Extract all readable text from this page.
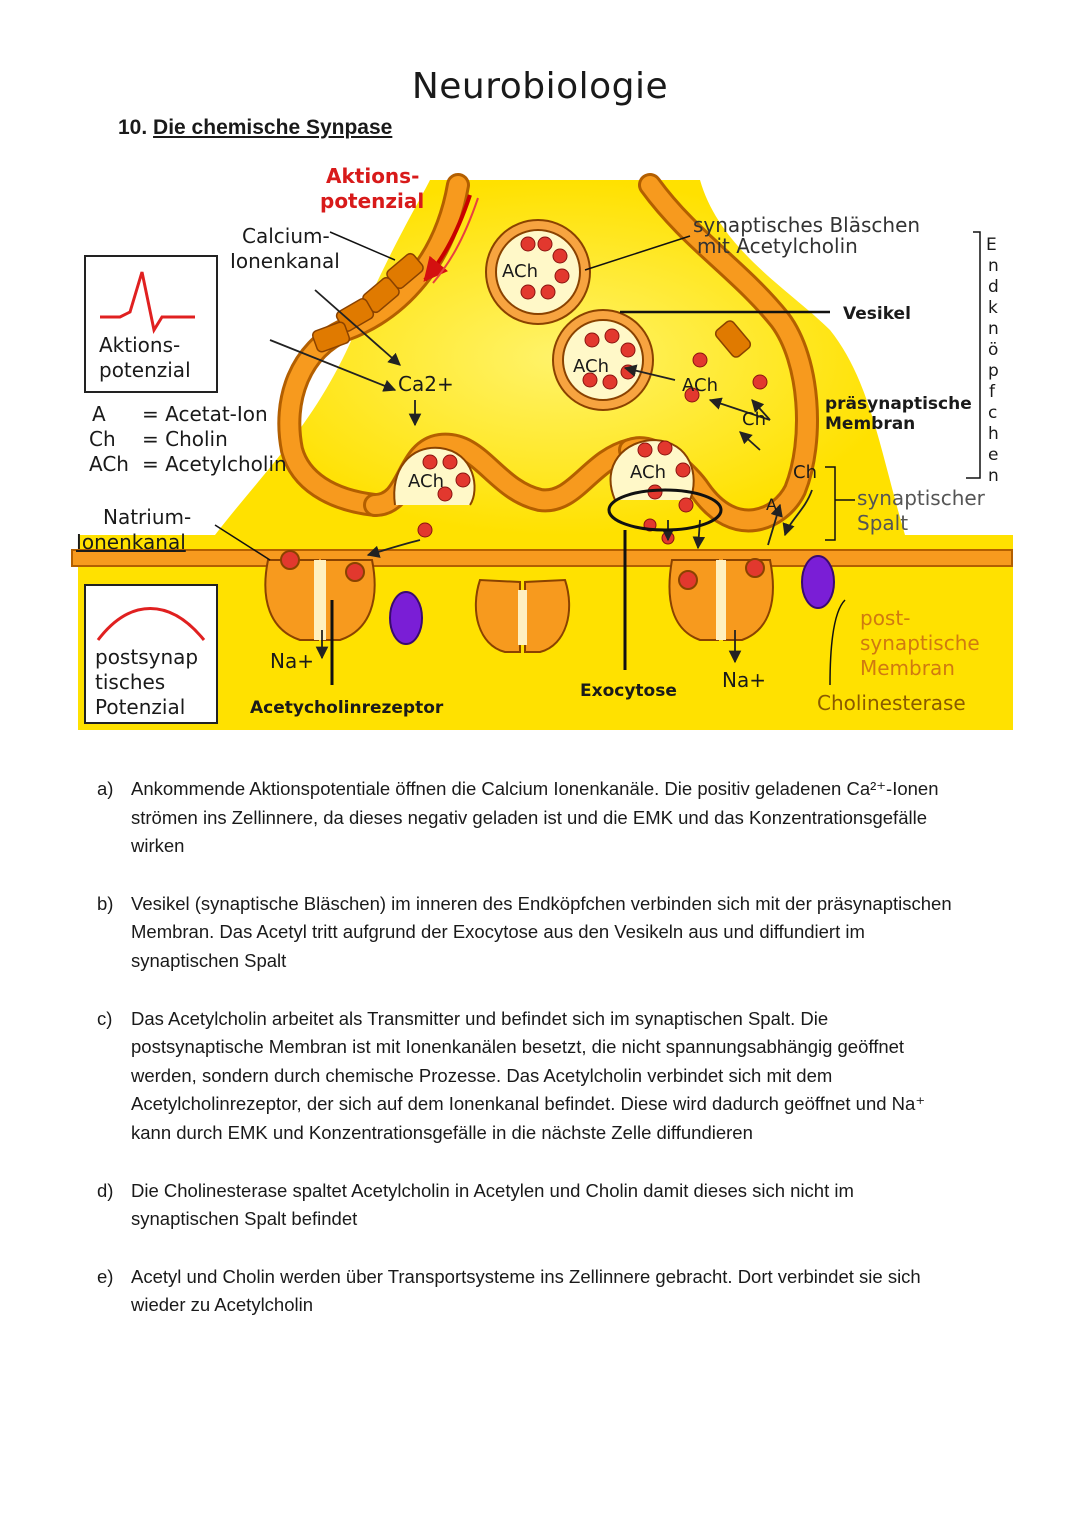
Neurobiologie
10. Die chemische Synpase
Aktions-
potenzial
Calcium-
Ionenkanal
Aktions-
potenzial
A = Acetat-Ion
Ch = Cholin
ACh = Acetylcholin
Natrium-
Ionenkanal
postsynap
tisches
Potenzial
Na+
Acetycholinrezeptor
Exocytose Na+
Cholinesterase
Ca2+
ACh
ACh
ACh	ACh
ACh
Ch
Ch
A
synaptisches Bläschen
mit Acetylcholin
Vesikel
präsynaptische
Membran
synaptischer
Spalt
post-
synaptische
Membran
E
n
d
k
n
ö
p
f
c
h
e
n
a) Ankommende Aktionspotentiale öffnen die Calcium Ionenkanäle. Die positiv geladenen Ca²⁺-Ionen
strömen ins Zellinnere, da dieses negativ geladen ist und die EMK und das Konzentrationsgefälle
wirken
b) Vesikel (synaptische Bläschen) im inneren des Endköpfchen verbinden sich mit der präsynaptischen
Membran. Das Acetyl tritt aufgrund der Exocytose aus den Vesikeln aus und diffundiert im
synaptischen Spalt
c)	Das Acetylcholin arbeitet als Transmitter und befindet sich im synaptischen Spalt. Die
postsynaptische Membran ist mit Ionenkanälen besetzt, die nicht spannungsabhängig geöffnet
werden, sondern durch chemische Prozesse. Das Acetylcholin verbindet sich mit dem
Acetylcholinrezeptor, der sich auf dem Ionenkanal befindet. Diese wird dadurch geöffnet und Na⁺
kann durch EMK und Konzentrationsgefälle in die nächste Zelle diffundieren
d) Die Cholinesterase spaltet Acetylcholin in Acetylen und Cholin damit dieses sich nicht im
synaptischen Spalt befindet
e) Acetyl und Cholin werden über Transportsysteme ins Zellinnere gebracht. Dort verbindet sie sich
wieder zu Acetylcholin
